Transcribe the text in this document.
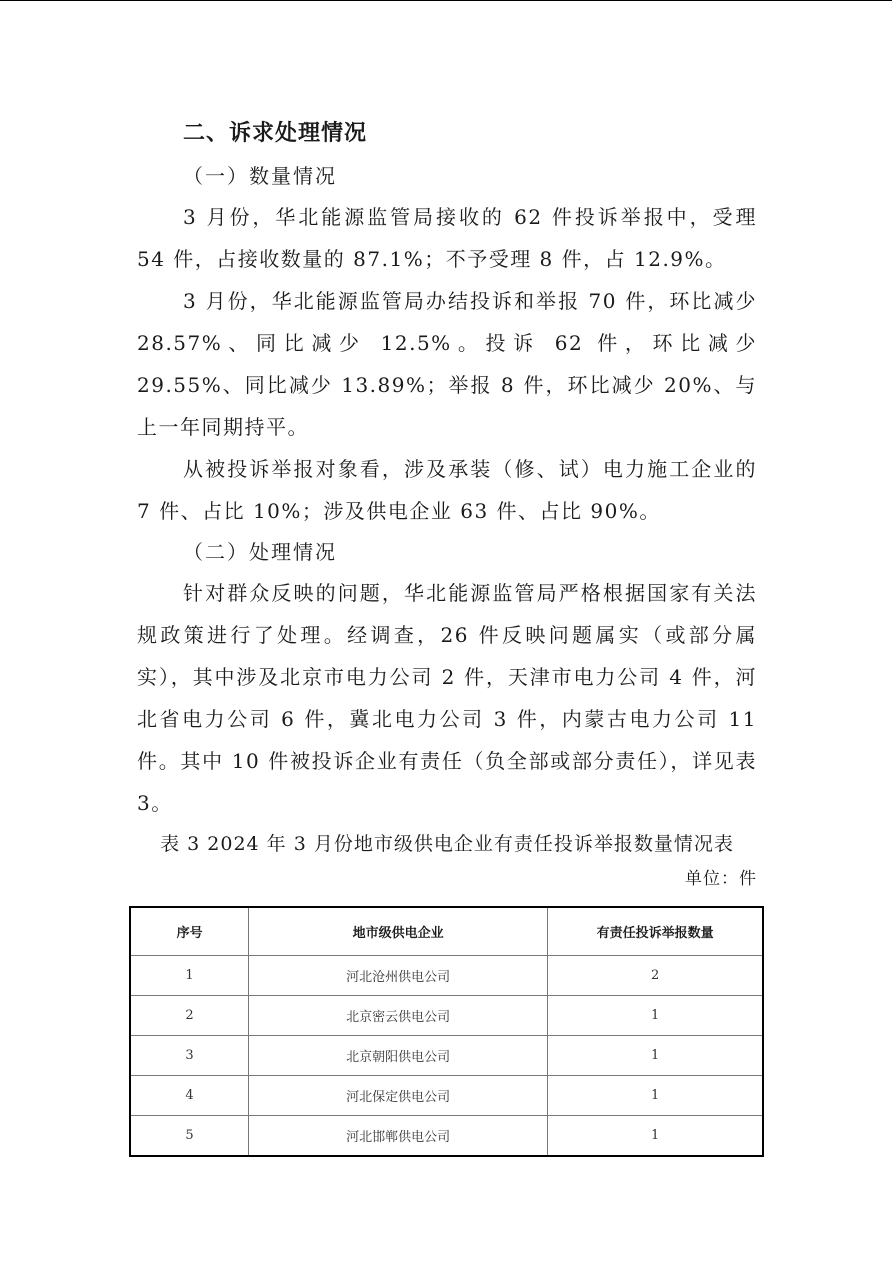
二、诉求处理情况
（一）数量情况

3 月份，华北能源监管局接收的 62 件投诉举报中，受理 54 件，占接收数量的 87.1%；不予受理 8 件，占 12.9%。

3 月份，华北能源监管局办结投诉和举报 70 件，环比减少 28.57%、同比减少 12.5%。投诉 62 件，环比减少 29.55%、同比减少 13.89%；举报 8 件，环比减少 20%、与上一年同期持平。

从被投诉举报对象看，涉及承装（修、试）电力施工企业的 7 件、占比 10%；涉及供电企业 63 件、占比 90%。

（二）处理情况

针对群众反映的问题，华北能源监管局严格根据国家有关法规政策进行了处理。经调查，26 件反映问题属实（或部分属实），其中涉及北京市电力公司 2 件，天津市电力公司 4 件，河北省电力公司 6 件，冀北电力公司 3 件，内蒙古电力公司 11 件。其中 10 件被投诉企业有责任（负全部或部分责任），详见表 3。

表 3 2024 年 3 月份地市级供电企业有责任投诉举报数量情况表
单位：件
序号	地市级供电企业	有责任投诉举报数量
1	河北沧州供电公司	2
2	北京密云供电公司	1
3	北京朝阳供电公司	1
4	河北保定供电公司	1
5	河北邯郸供电公司	1
